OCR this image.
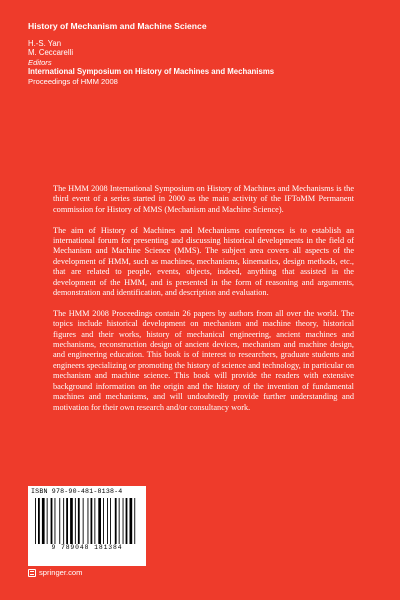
History of Mechanism and Machine Science
H.-S. Yan
M. Ceccarelli
Editors
International Symposium on History of Machines and Mechanisms
Proceedings of HMM 2008

The HMM 2008 International Symposium on History of Machines and Mechanisms is the third event of a series started in 2000 as the main activity of the IFToMM Permanent commission for History of MMS (Mechanism and Machine Science).

The aim of History of Machines and Mechanisms conferences is to establish an international forum for presenting and discussing historical developments in the field of Mechanism and Machine Science (MMS). The subject area covers all aspects of the development of HMM, such as machines, mechanisms, kinematics, design methods, etc., that are related to people, events, objects, indeed, anything that assisted in the development of the HMM, and is presented in the form of reasoning and arguments, demonstration and identification, and description and evaluation.

The HMM 2008 Proceedings contain 26 papers by authors from all over the world. The topics include historical development on mechanism and machine theory, historical figures and their works, history of mechanical engineering, ancient machines and mechanisms, reconstruction design of ancient devices, mechanism and machine design, and engineering education. This book is of interest to researchers, graduate students and engineers specializing or promoting the history of science and technology, in particular on mechanism and machine science. This book will provide the readers with extensive background information on the origin and the history of the invention of fundamental machines and mechanisms, and will undoubtedly provide further understanding and motivation for their own research and/or consultancy work.

ISBN 978-90-481-8138-4
9 789048 181384
springer.com
